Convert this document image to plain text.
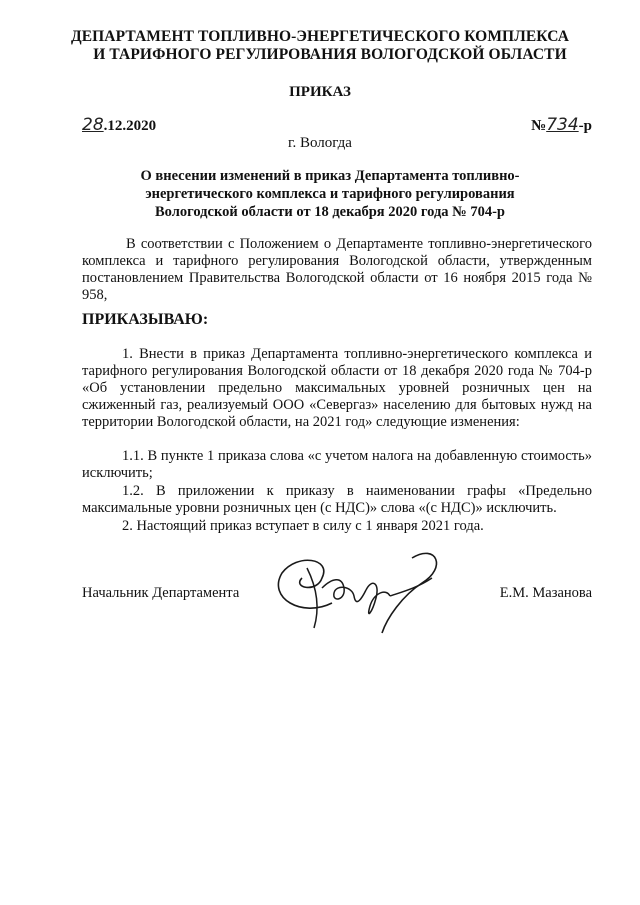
ДЕПАРТАМЕНТ ТОПЛИВНО-ЭНЕРГЕТИЧЕСКОГО КОМПЛЕКСА
И ТАРИФНОГО РЕГУЛИРОВАНИЯ ВОЛОГОДСКОЙ ОБЛАСТИ
ПРИКАЗ
28.12.2020	№734-р
г. Вологда
О внесении изменений в приказ Департамента топливно-энергетического комплекса и тарифного регулирования Вологодской области от 18 декабря 2020 года № 704-р
В соответствии с Положением о Департаменте топливно-энергетического комплекса и тарифного регулирования Вологодской области, утвержденным постановлением Правительства Вологодской области от 16 ноября 2015 года № 958,
ПРИКАЗЫВАЮ:
1. Внести в приказ Департамента топливно-энергетического комплекса и тарифного регулирования Вологодской области от 18 декабря 2020 года № 704-р «Об установлении предельно максимальных уровней розничных цен на сжиженный газ, реализуемый ООО «Севергаз» населению для бытовых нужд на территории Вологодской области, на 2021 год» следующие изменения:
1.1. В пункте 1 приказа слова «с учетом налога на добавленную стоимость» исключить;
1.2. В приложении к приказу в наименовании графы «Предельно максимальные уровни розничных цен (с НДС)» слова «(с НДС)» исключить.
2. Настоящий приказ вступает в силу с 1 января 2021 года.
Начальник Департамента	Е.М. Мазанова
